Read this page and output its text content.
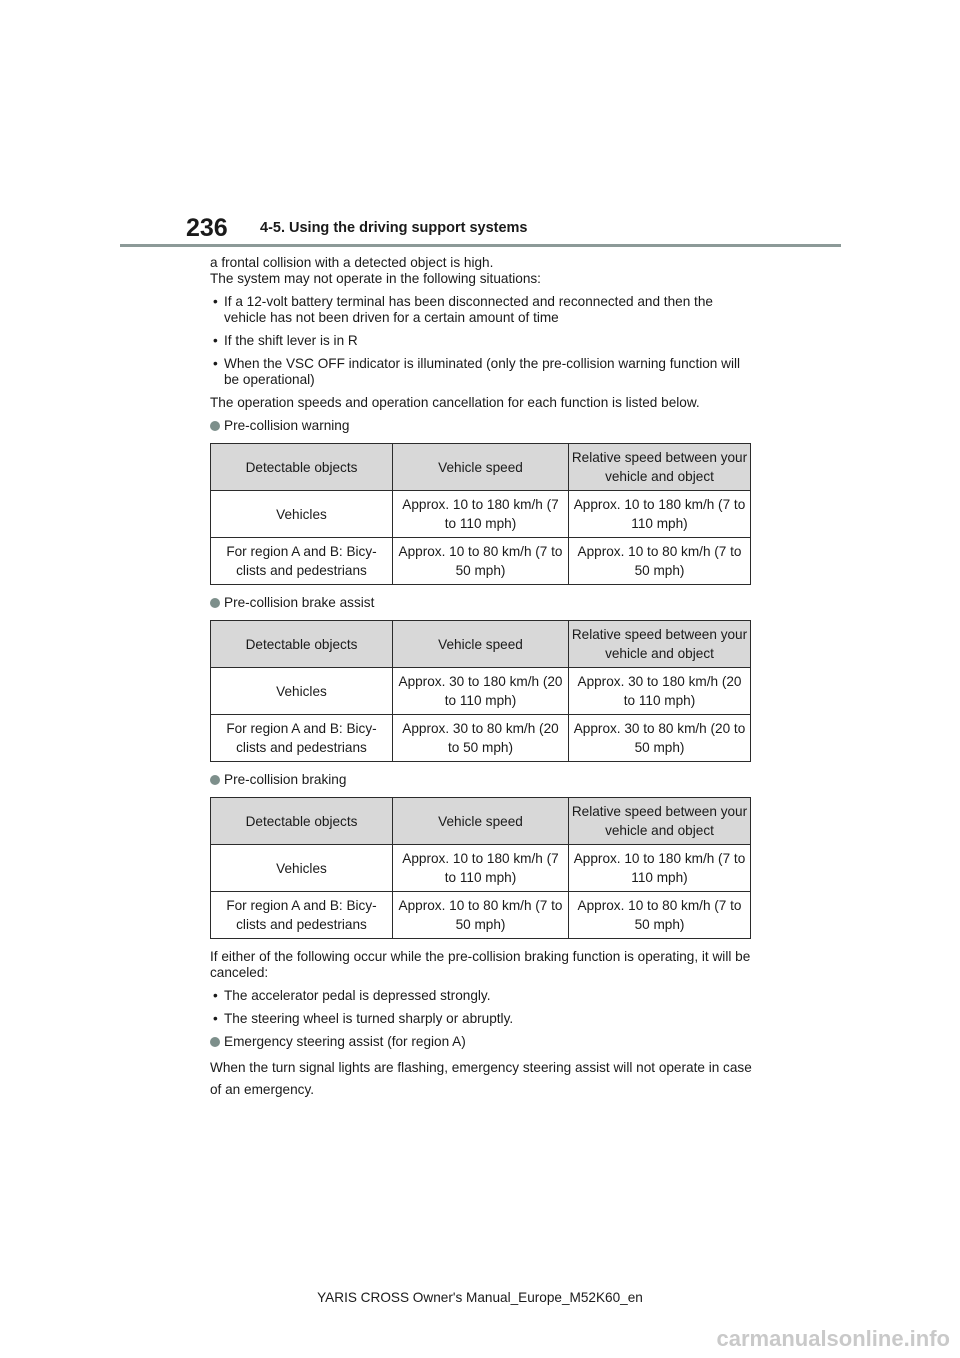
236 4-5. Using the driving support systems

a frontal collision with a detected object is high.

The system may not operate in the following situations:

• If a 12-volt battery terminal has been disconnected and reconnected and then the vehicle has not been driven for a certain amount of time

• If the shift lever is in R

• When the VSC OFF indicator is illuminated (only the pre-collision warning function will be operational)

The operation speeds and operation cancellation for each function is listed below.

Pre-collision warning

Detectable objects	Vehicle speed	Relative speed between your vehicle and object
Vehicles	Approx. 10 to 180 km/h (7 to 110 mph)	Approx. 10 to 180 km/h (7 to 110 mph)
For region A and B: Bicy-clists and pedestrians	Approx. 10 to 80 km/h (7 to 50 mph)	Approx. 10 to 80 km/h (7 to 50 mph)

Pre-collision brake assist

Detectable objects	Vehicle speed	Relative speed between your vehicle and object
Vehicles	Approx. 30 to 180 km/h (20 to 110 mph)	Approx. 30 to 180 km/h (20 to 110 mph)
For region A and B: Bicy-clists and pedestrians	Approx. 30 to 80 km/h (20 to 50 mph)	Approx. 30 to 80 km/h (20 to 50 mph)

Pre-collision braking

Detectable objects	Vehicle speed	Relative speed between your vehicle and object
Vehicles	Approx. 10 to 180 km/h (7 to 110 mph)	Approx. 10 to 180 km/h (7 to 110 mph)
For region A and B: Bicy-clists and pedestrians	Approx. 10 to 80 km/h (7 to 50 mph)	Approx. 10 to 80 km/h (7 to 50 mph)

If either of the following occur while the pre-collision braking function is operating, it will be canceled:

• The accelerator pedal is depressed strongly.

• The steering wheel is turned sharply or abruptly.

Emergency steering assist (for region A)

When the turn signal lights are flashing, emergency steering assist will not operate in case of an emergency.

YARIS CROSS Owner's Manual_Europe_M52K60_en
carmanualsonline.info
